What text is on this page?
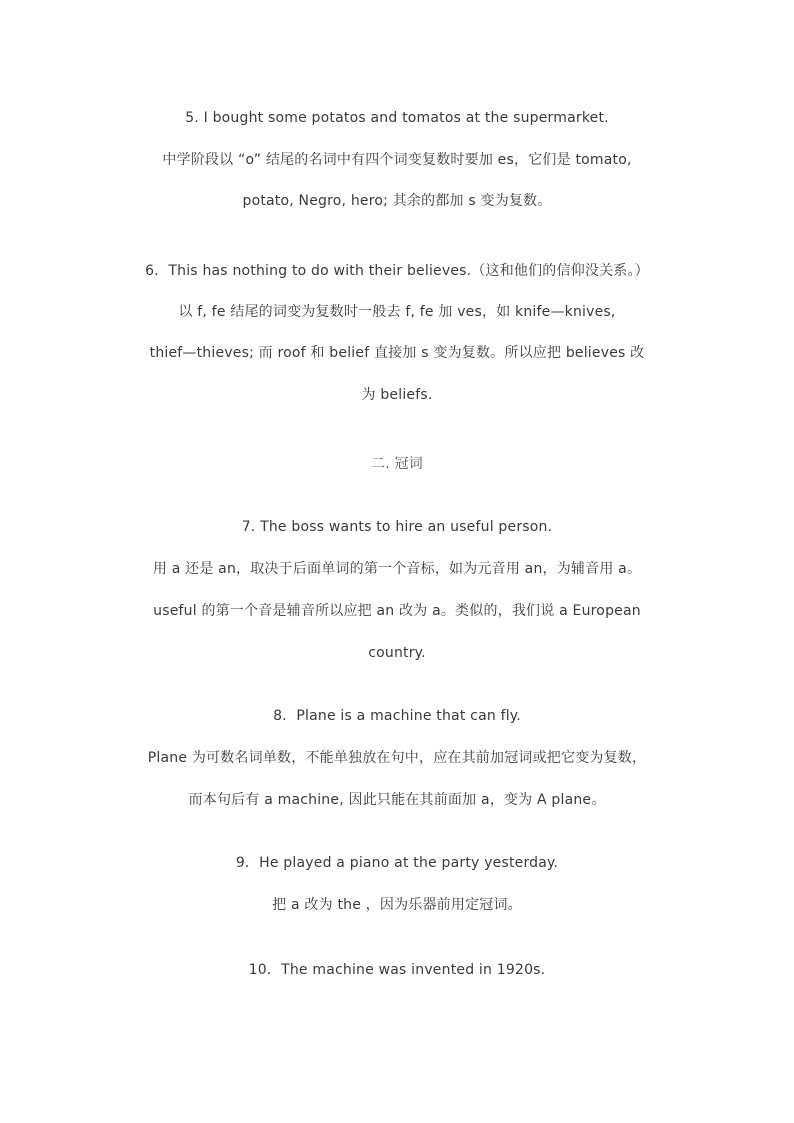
5. I bought some potatos and tomatos at the supermarket.
中学阶段以 “o” 结尾的名词中有四个词变复数时要加 es，它们是 tomato,
potato, Negro, hero; 其余的都加 s 变为复数。
6．This has nothing to do with their believes.（这和他们的信仰没关系。）
以 f, fe 结尾的词变为复数时一般去 f, fe 加 ves，如 knife—knives,
thief—thieves; 而 roof 和 belief 直接加 s 变为复数。所以应把 believes 改
为 beliefs.
二. 冠词
7. The boss wants to hire an useful person.
用 a 还是 an，取决于后面单词的第一个音标，如为元音用 an，为辅音用 a。
useful 的第一个音是辅音所以应把 an 改为 a。类似的，我们说 a European
country.
8．Plane is a machine that can fly.
Plane 为可数名词单数，不能单独放在句中，应在其前加冠词或把它变为复数，
而本句后有 a machine, 因此只能在其前面加 a，变为 A plane。
9．He played a piano at the party yesterday.
把 a 改为 the ，因为乐器前用定冠词。
10．The machine was invented in 1920s.
